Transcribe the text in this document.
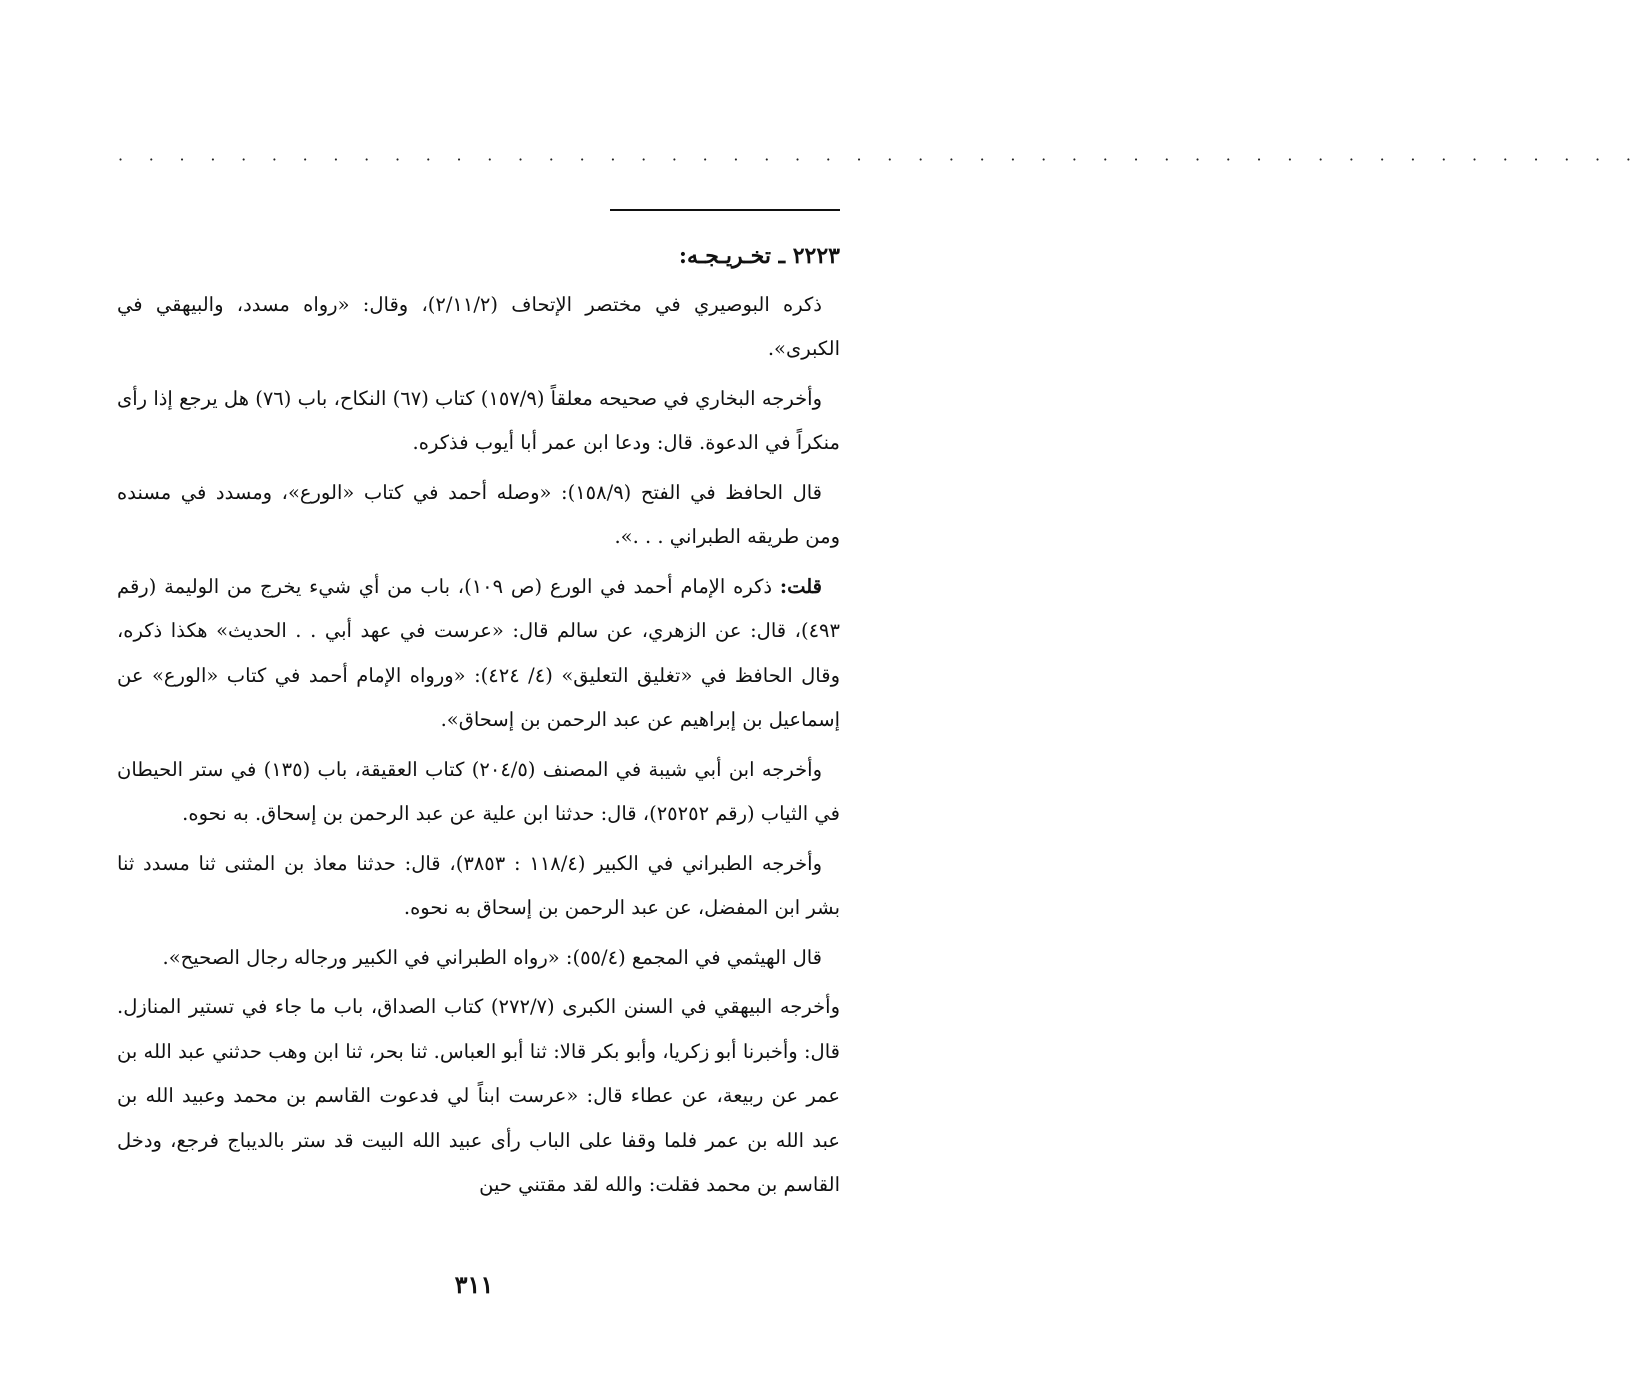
· · · · · · · · · · · · · · · · · · · · · · · · · · · · · · · · · · · · · · · · · · · · · · · · · ·

٢٢٢٣ ـ تخـريـجـه:

ذكره البوصيري في مختصر الإتحاف (٢/١١/٢)، وقال: «رواه مسدد، والبيهقي في الكبرى».

وأخرجه البخاري في صحيحه معلقاً (١٥٧/٩) كتاب (٦٧) النكاح، باب (٧٦) هل يرجع إذا رأى منكراً في الدعوة. قال: ودعا ابن عمر أبا أيوب فذكره.

قال الحافظ في الفتح (١٥٨/٩): «وصله أحمد في كتاب «الورع»، ومسدد في مسنده ومن طريقه الطبراني . . .».

قلت: ذكره الإمام أحمد في الورع (ص ١٠٩)، باب من أي شيء يخرج من الوليمة (رقم ٤٩٣)، قال: عن الزهري، عن سالم قال: «عرست في عهد أبي . . الحديث» هكذا ذكره، وقال الحافظ في «تغليق التعليق» (٤/ ٤٢٤): «ورواه الإمام أحمد في كتاب «الورع» عن إسماعيل بن إبراهيم عن عبد الرحمن بن إسحاق».

وأخرجه ابن أبي شيبة في المصنف (٢٠٤/٥) كتاب العقيقة، باب (١٣٥) في ستر الحيطان في الثياب (رقم ٢٥٢٥٢)، قال: حدثنا ابن علية عن عبد الرحمن بن إسحاق. به نحوه.

وأخرجه الطبراني في الكبير (١١٨/٤ : ٣٨٥٣)، قال: حدثنا معاذ بن المثنى ثنا مسدد ثنا بشر ابن المفضل، عن عبد الرحمن بن إسحاق به نحوه.

قال الهيثمي في المجمع (٥٥/٤): «رواه الطبراني في الكبير ورجاله رجال الصحيح».

وأخرجه البيهقي في السنن الكبرى (٢٧٢/٧) كتاب الصداق، باب ما جاء في تستير المنازل. قال: وأخبرنا أبو زكريا، وأبو بكر قالا: ثنا أبو العباس. ثنا بحر، ثنا ابن وهب حدثني عبد الله بن عمر عن ربيعة، عن عطاء قال: «عرست ابناً لي فدعوت القاسم بن محمد وعبيد الله بن عبد الله بن عمر فلما وقفا على الباب رأى عبيد الله البيت قد ستر بالديباج فرجع، ودخل القاسم بن محمد فقلت: والله لقد مقتني حين

٣١١
